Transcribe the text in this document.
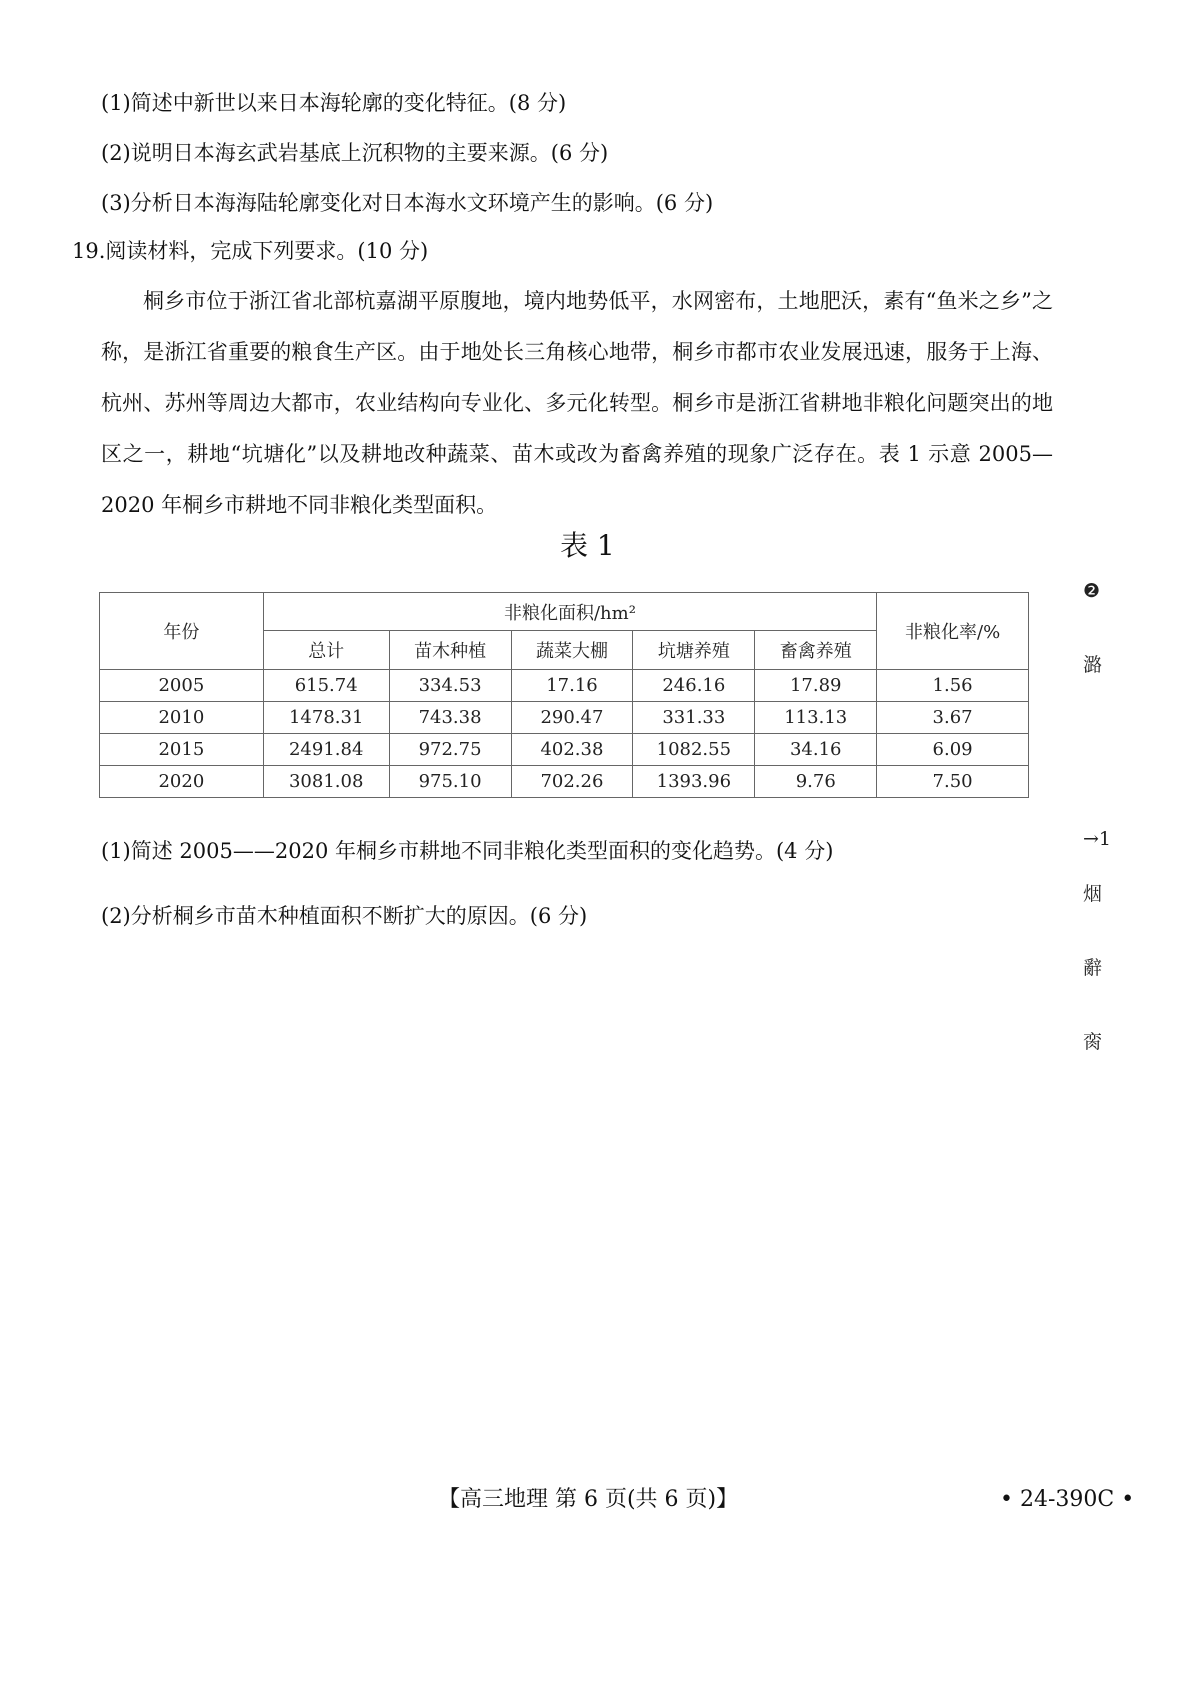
(1)简述中新世以来日本海轮廓的变化特征。(8 分)
(2)说明日本海玄武岩基底上沉积物的主要来源。(6 分)
(3)分析日本海海陆轮廓变化对日本海水文环境产生的影响。(6 分)
19.阅读材料，完成下列要求。(10 分)
桐乡市位于浙江省北部杭嘉湖平原腹地，境内地势低平，水网密布，土地肥沃，素有“鱼米之乡”之称，是浙江省重要的粮食生产区。由于地处长三角核心地带，桐乡市都市农业发展迅速，服务于上海、杭州、苏州等周边大都市，农业结构向专业化、多元化转型。桐乡市是浙江省耕地非粮化问题突出的地区之一，耕地“坑塘化”以及耕地改种蔬菜、苗木或改为畜禽养殖的现象广泛存在。表 1 示意 2005—2020 年桐乡市耕地不同非粮化类型面积。
表 1
年份	非粮化面积/hm²					非粮化率/%
	总计	苗木种植	蔬菜大棚	坑塘养殖	畜禽养殖	
2005	615.74	334.53	17.16	246.16	17.89	1.56
2010	1478.31	743.38	290.47	331.33	113.13	3.67
2015	2491.84	972.75	402.38	1082.55	34.16	6.09
2020	3081.08	975.10	702.26	1393.96	9.76	7.50
(1)简述 2005——2020 年桐乡市耕地不同非粮化类型面积的变化趋势。(4 分)
(2)分析桐乡市苗木种植面积不断扩大的原因。(6 分)
❷
潞
→1
烟
辭
脔
【高三地理 第 6 页(共 6 页)】	• 24-390C •
